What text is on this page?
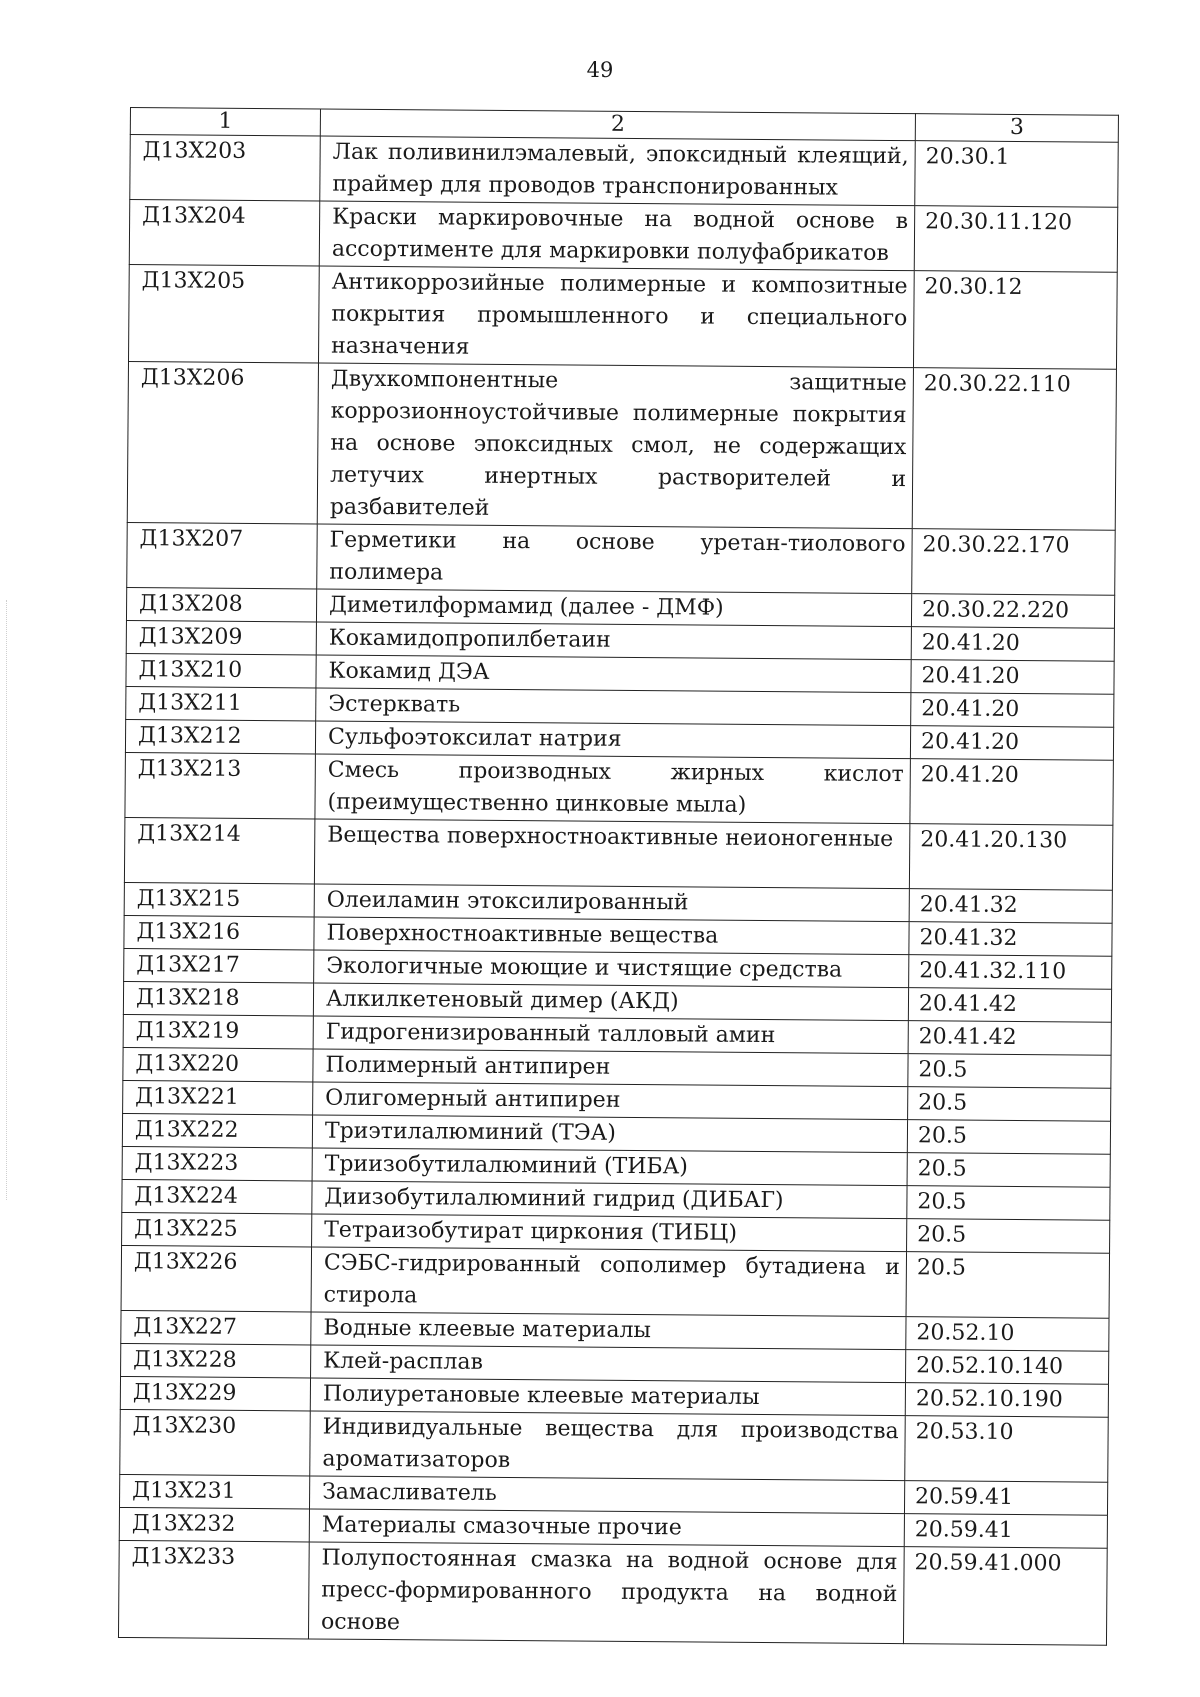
49
1	2	3
Д13Х203	Лак поливинилэмалевый, эпоксидный клеящий, праймер для проводов транспонированных	20.30.1
Д13Х204	Краски маркировочные на водной основе в ассортименте для маркировки полуфабрикатов	20.30.11.120
Д13Х205	Антикоррозийные полимерные и композитные покрытия промышленного и специального назначения	20.30.12
Д13Х206	Двухкомпонентные защитные коррозионноустойчивые полимерные покрытия на основе эпоксидных смол, не содержащих летучих инертных растворителей и разбавителей	20.30.22.110
Д13Х207	Герметики на основе уретан-тиолового полимера	20.30.22.170
Д13Х208	Диметилформамид (далее - ДМФ)	20.30.22.220
Д13Х209	Кокамидопропилбетаин	20.41.20
Д13Х210	Кокамид ДЭА	20.41.20
Д13Х211	Эстерквать	20.41.20
Д13Х212	Сульфоэтоксилат натрия	20.41.20
Д13Х213	Смесь производных жирных кислот (преимущественно цинковые мыла)	20.41.20
Д13Х214	Вещества поверхностноактивные неионогенные	20.41.20.130
Д13Х215	Олеиламин этоксилированный	20.41.32
Д13Х216	Поверхностноактивные вещества	20.41.32
Д13Х217	Экологичные моющие и чистящие средства	20.41.32.110
Д13Х218	Алкилкетеновый димер (АКД)	20.41.42
Д13Х219	Гидрогенизированный талловый амин	20.41.42
Д13Х220	Полимерный антипирен	20.5
Д13Х221	Олигомерный антипирен	20.5
Д13Х222	Триэтилалюминий (ТЭА)	20.5
Д13Х223	Триизобутилалюминий (ТИБА)	20.5
Д13Х224	Диизобутилалюминий гидрид (ДИБАГ)	20.5
Д13Х225	Тетраизобутират циркония (ТИБЦ)	20.5
Д13Х226	СЭБС-гидрированный сополимер бутадиена и стирола	20.5
Д13Х227	Водные клеевые материалы	20.52.10
Д13Х228	Клей-расплав	20.52.10.140
Д13Х229	Полиуретановые клеевые материалы	20.52.10.190
Д13Х230	Индивидуальные вещества для производства ароматизаторов	20.53.10
Д13Х231	Замасливатель	20.59.41
Д13Х232	Материалы смазочные прочие	20.59.41
Д13Х233	Полупостоянная смазка на водной основе для пресс-формированного продукта на водной основе	20.59.41.000
